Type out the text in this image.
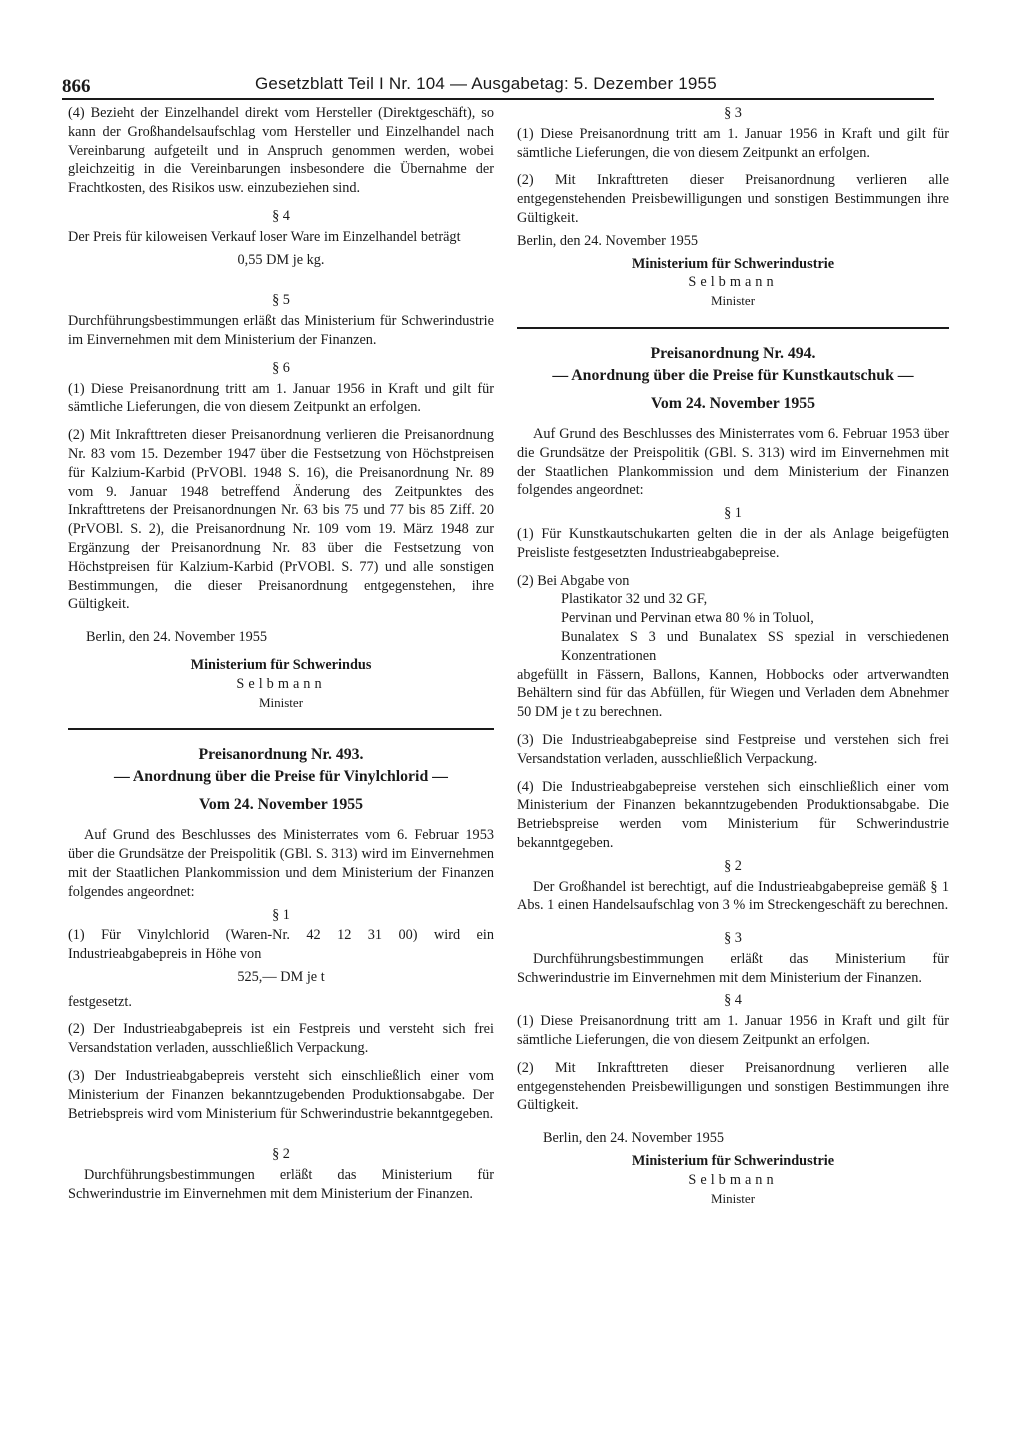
866	Gesetzblatt Teil I Nr. 104 — Ausgabetag: 5. Dezember 1955

(4) Bezieht der Einzelhandel direkt vom Hersteller (Direktgeschäft), so kann der Großhandelsaufschlag vom Hersteller und Einzelhandel nach Vereinbarung aufgeteilt und in Anspruch genommen werden, wobei gleichzeitig in die Vereinbarungen insbesondere die Übernahme der Frachtkosten, des Risikos usw. einzubeziehen sind.

§ 4

Der Preis für kiloweisen Verkauf loser Ware im Einzelhandel beträgt

0,55 DM je kg.
§ 5

Durchführungsbestimmungen erläßt das Ministerium für Schwerindustrie im Einvernehmen mit dem Ministerium der Finanzen.

§ 6

(1) Diese Preisanordnung tritt am 1. Januar 1956 in Kraft und gilt für sämtliche Lieferungen, die von diesem Zeitpunkt an erfolgen.

(2) Mit Inkrafttreten dieser Preisanordnung verlieren die Preisanordnung Nr. 83 vom 15. Dezember 1947 über die Festsetzung von Höchstpreisen für Kalzium-Karbid (PrVOBl. 1948 S. 16), die Preisanordnung Nr. 89 vom 9. Januar 1948 betreffend Änderung des Zeitpunktes des Inkrafttretens der Preisanordnungen Nr. 63 bis 75 und 77 bis 85 Ziff. 20 (PrVOBl. S. 2), die Preisanordnung Nr. 109 vom 19. März 1948 zur Ergänzung der Preisanordnung Nr. 83 über die Festsetzung von Höchstpreisen für Kalzium-Karbid (PrVOBl. S. 77) und alle sonstigen Bestimmungen, die dieser Preisanordnung entgegenstehen, ihre Gültigkeit.

Berlin, den 24. November 1955

Ministerium für Schwerindus
Selbmann
Minister
Preisanordnung Nr. 493.
— Anordnung über die Preise für Vinylchlorid —
Vom 24. November 1955

Auf Grund des Beschlusses des Ministerrates vom 6. Februar 1953 über die Grundsätze der Preispolitik (GBl. S. 313) wird im Einvernehmen mit der Staatlichen Plankommission und dem Ministerium der Finanzen folgendes angeordnet:

§ 1

(1) Für Vinylchlorid (Waren-Nr. 42 12 31 00) wird ein Industrieabgabepreis in Höhe von

525,— DM je t

festgesetzt.

(2) Der Industrieabgabepreis ist ein Festpreis und versteht sich frei Versandstation verladen, ausschließlich Verpackung.

(3) Der Industrieabgabepreis versteht sich einschließlich einer vom Ministerium der Finanzen bekanntzugebenden Produktionsabgabe. Der Betriebspreis wird vom Ministerium für Schwerindustrie bekanntgegeben.

§ 2

Durchführungsbestimmungen erläßt das Ministerium für Schwerindustrie im Einvernehmen mit dem Ministerium der Finanzen.

§ 3

(1) Diese Preisanordnung tritt am 1. Januar 1956 in Kraft und gilt für sämtliche Lieferungen, die von diesem Zeitpunkt an erfolgen.

(2) Mit Inkrafttreten dieser Preisanordnung verlieren alle entgegenstehenden Preisbewilligungen und sonstigen Bestimmungen ihre Gültigkeit.

Berlin, den 24. November 1955

Ministerium für Schwerindustrie
Selbmann
Minister
Preisanordnung Nr. 494.
— Anordnung über die Preise für Kunstkautschuk —
Vom 24. November 1955

Auf Grund des Beschlusses des Ministerrates vom 6. Februar 1953 über die Grundsätze der Preispolitik (GBl. S. 313) wird im Einvernehmen mit der Staatlichen Plankommission und dem Ministerium der Finanzen folgendes angeordnet:

§ 1

(1) Für Kunstkautschukarten gelten die in der als Anlage beigefügten Preisliste festgesetzten Industrieabgabepreise.

(2) Bei Abgabe von
Plastikator 32 und 32 GF,
Pervinan und Pervinan etwa 80 % in Toluol,
Bunalatex S 3 und Bunalatex SS spezial in verschiedenen Konzentrationen
abgefüllt in Fässern, Ballons, Kannen, Hobbocks oder artverwandten Behältern sind für das Abfüllen, für Wiegen und Verladen dem Abnehmer 50 DM je t zu berechnen.

(3) Die Industrieabgabepreise sind Festpreise und verstehen sich frei Versandstation verladen, ausschließlich Verpackung.

(4) Die Industrieabgabepreise verstehen sich einschließlich einer vom Ministerium der Finanzen bekanntzugebenden Produktionsabgabe. Die Betriebspreise werden vom Ministerium für Schwerindustrie bekanntgegeben.

§ 2

Der Großhandel ist berechtigt, auf die Industrieabgabepreise gemäß § 1 Abs. 1 einen Handelsaufschlag von 3 % im Streckengeschäft zu berechnen.

§ 3

Durchführungsbestimmungen erläßt das Ministerium für Schwerindustrie im Einvernehmen mit dem Ministerium der Finanzen.

§ 4

(1) Diese Preisanordnung tritt am 1. Januar 1956 in Kraft und gilt für sämtliche Lieferungen, die von diesem Zeitpunkt an erfolgen.

(2) Mit Inkrafttreten dieser Preisanordnung verlieren alle entgegenstehenden Preisbewilligungen und sonstigen Bestimmungen ihre Gültigkeit.

Berlin, den 24. November 1955

Ministerium für Schwerindustrie
Selbmann
Minister
